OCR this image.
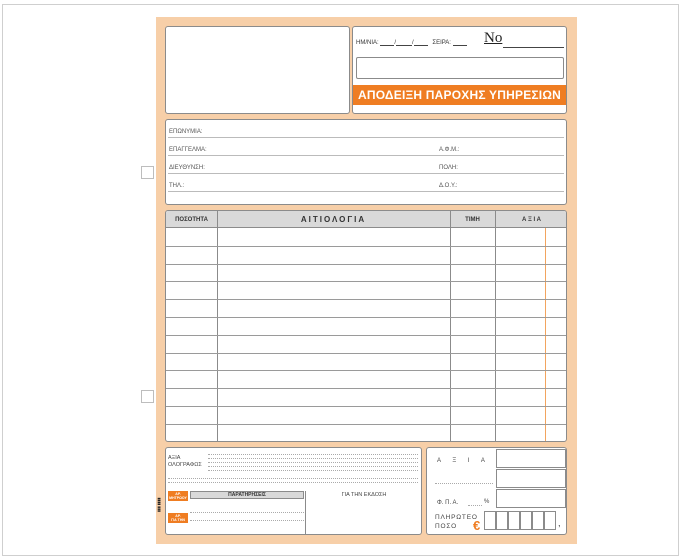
ΗΜ/ΝΙΑ:	/	/	ΣΕΙΡΑ:	Νο
ΑΠΟΔΕΙΞΗ ΠΑΡΟΧΗΣ ΥΠΗΡΕΣΙΩΝ
ΕΠΩΝΥΜΙΑ:
ΕΠΑΓΓΕΛΜΑ:	Α.Φ.Μ.:
ΔΙΕΥΘΥΝΣΗ:	ΠΟΛΗ:
ΤΗΛ.:	Δ.Ο.Υ.:
ΠΟΣΟΤΗΤΑ	ΑΙΤΙΟΛΟΓΙΑ	ΤΙΜΗ	Α Ξ Ι Α
ΑΞΙΑ
ΟΛΟΓΡΑΦΩΣ
ΑΡ.
ΜΗΤΡΩΟΥ
ΑΡ.
ΓΙΑ ΤΗΝ
ΠΑΡΑΤΗΡΗΣΕΙΣ	ΓΙΑ ΤΗΝ ΕΚΔΟΣΗ
Α Ξ Ι Α
Φ. Π. Α.	%
ΠΛΗΡΩΤΕΟ
ΠΟΣΟ	€	,
▮▮▮ ▮▮▮▮
